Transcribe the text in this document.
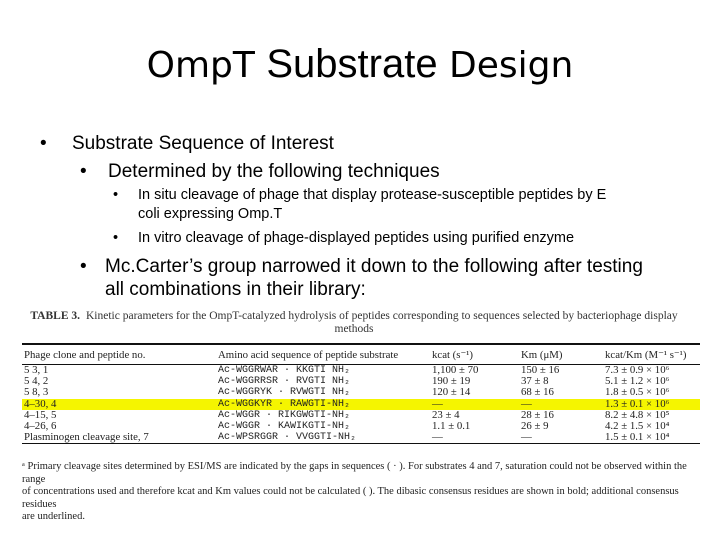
OmpT Substrate Design
• Substrate Sequence of Interest
• Determined by the following techniques
• In situ cleavage of phage that display protease-susceptible peptides by E
coli expressing Omp.T
• In vitro cleavage of phage-displayed peptides using purified enzyme
• Mc.Carter’s group narrowed it down to the following after testing
all combinations in their library:
TABLE 3. Kinetic parameters for the OmpT-catalyzed hydrolysis of peptides corresponding to sequences selected by bacteriophage display methods
Phage clone and peptide no.	Amino acid sequence of peptide substrate	kcat (s⁻¹)	Km (μM)	kcat/Km (M⁻¹ s⁻¹)
5 3, 1	Ac-WGGRWAR · KKGTI NH₂	1,100 ± 70	150 ± 16	7.3 ± 0.9 × 10⁶
5 4, 2	Ac-WGGRRSR · RVGTI NH₂	190 ± 19	37 ± 8	5.1 ± 1.2 × 10⁶
5 8, 3	Ac-WGGRYK · RVWGTI NH₂	120 ± 14	68 ± 16	1.8 ± 0.5 × 10⁶
4–30, 4	Ac-WGGKYR · RAWGTI-NH₂	—	—	1.3 ± 0.1 × 10⁶
4–15, 5	Ac-WGGR · RIKGWGTI-NH₂	23 ± 4	28 ± 16	8.2 ± 4.8 × 10⁵
4–26, 6	Ac-WGGR · KAWIKGTI-NH₂	1.1 ± 0.1	26 ± 9	4.2 ± 1.5 × 10⁴
Plasminogen cleavage site, 7	Ac-WPSRGGR · VVGGTI-NH₂	—	—	1.5 ± 0.1 × 10⁴
ᵃ Primary cleavage sites determined by ESI/MS are indicated by the gaps in sequences ( · ). For substrates 4 and 7, saturation could not be observed within the range
of concentrations used and therefore kcat and Km values could not be calculated ( ). The dibasic consensus residues are shown in bold; additional consensus residues
are underlined.
